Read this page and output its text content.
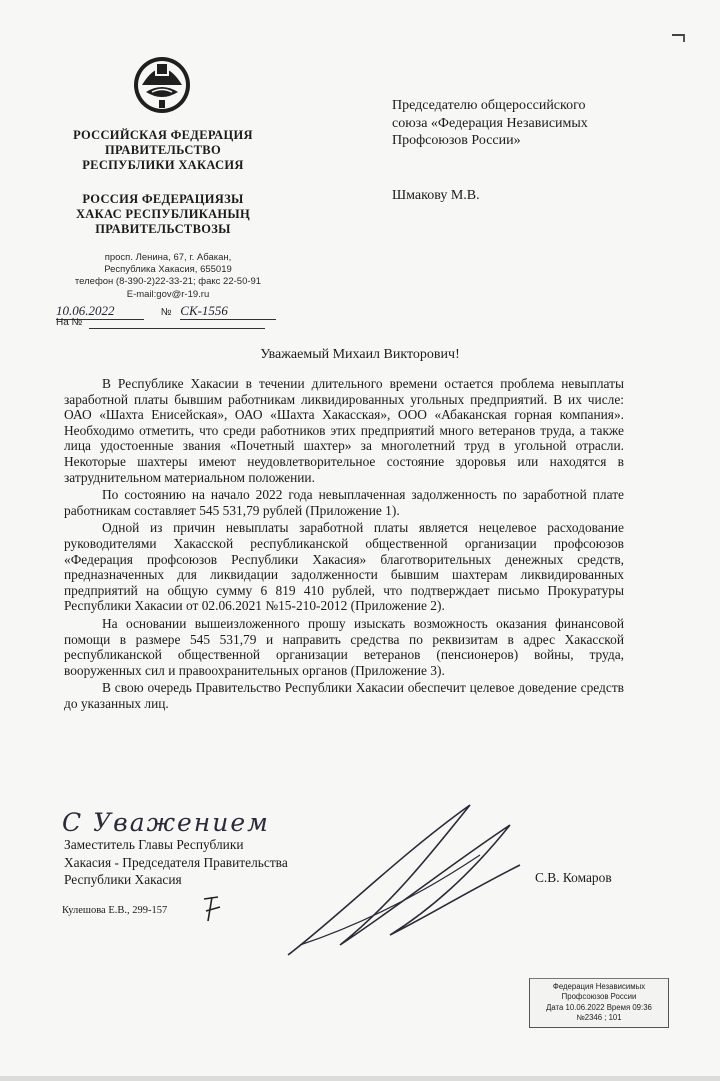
РОССИЙСКАЯ ФЕДЕРАЦИЯ
ПРАВИТЕЛЬСТВО
РЕСПУБЛИКИ ХАКАСИЯ
РОССИЯ ФЕДЕРАЦИЯЗЫ
ХАКАС РЕСПУБЛИКАНЫҢ
ПРАВИТЕЛЬСТВОЗЫ
просп. Ленина, 67, г. Абакан,
Республика Хакасия, 655019
телефон (8-390-2)22-33-21; факс 22-50-91
E-mail:gov@r-19.ru
10.06.2022	№ СК-1556
На №
Председателю общероссийского
союза «Федерация Независимых
Профсоюзов России»
Шмакову М.В.
Уважаемый Михаил Викторович!

В Республике Хакасии в течении длительного времени остается проблема невыплаты заработной платы бывшим работникам ликвидированных угольных предприятий. В их числе: ОАО «Шахта Енисейская», ОАО «Шахта Хакасская», ООО «Абаканская горная компания». Необходимо отметить, что среди работников этих предприятий много ветеранов труда, а также лица удостоенные звания «Почетный шахтер» за многолетний труд в угольной отрасли. Некоторые шахтеры имеют неудовлетворительное состояние здоровья или находятся в затруднительном материальном положении.

По состоянию на начало 2022 года невыплаченная задолженность по заработной плате работникам составляет 545 531,79 рублей (Приложение 1).

Одной из причин невыплаты заработной платы является нецелевое расходование руководителями Хакасской республиканской общественной организации профсоюзов «Федерация профсоюзов Республики Хакасия» благотворительных денежных средств, предназначенных для ликвидации задолженности бывшим шахтерам ликвидированных предприятий на общую сумму 6 819 410 рублей, что подтверждает письмо Прокуратуры Республики Хакасии от 02.06.2021 №15-210-2012 (Приложение 2).

На основании вышеизложенного прошу изыскать возможность оказания финансовой помощи в размере 545 531,79 и направить средства по реквизитам в адрес Хакасской республиканской общественной организации ветеранов (пенсионеров) войны, труда, вооруженных сил и правоохранительных органов (Приложение 3).

В свою очередь Правительство Республики Хакасии обеспечит целевое доведение средств до указанных лиц.

С Уважением
Заместитель Главы Республики
Хакасия - Председателя Правительства
Республики Хакасия	С.В. Комаров
Кулешова Е.В., 299-157
Федерация Независимых
Профсоюзов России
Дата 10.06.2022 Время 09:36
№2346 ; 101
